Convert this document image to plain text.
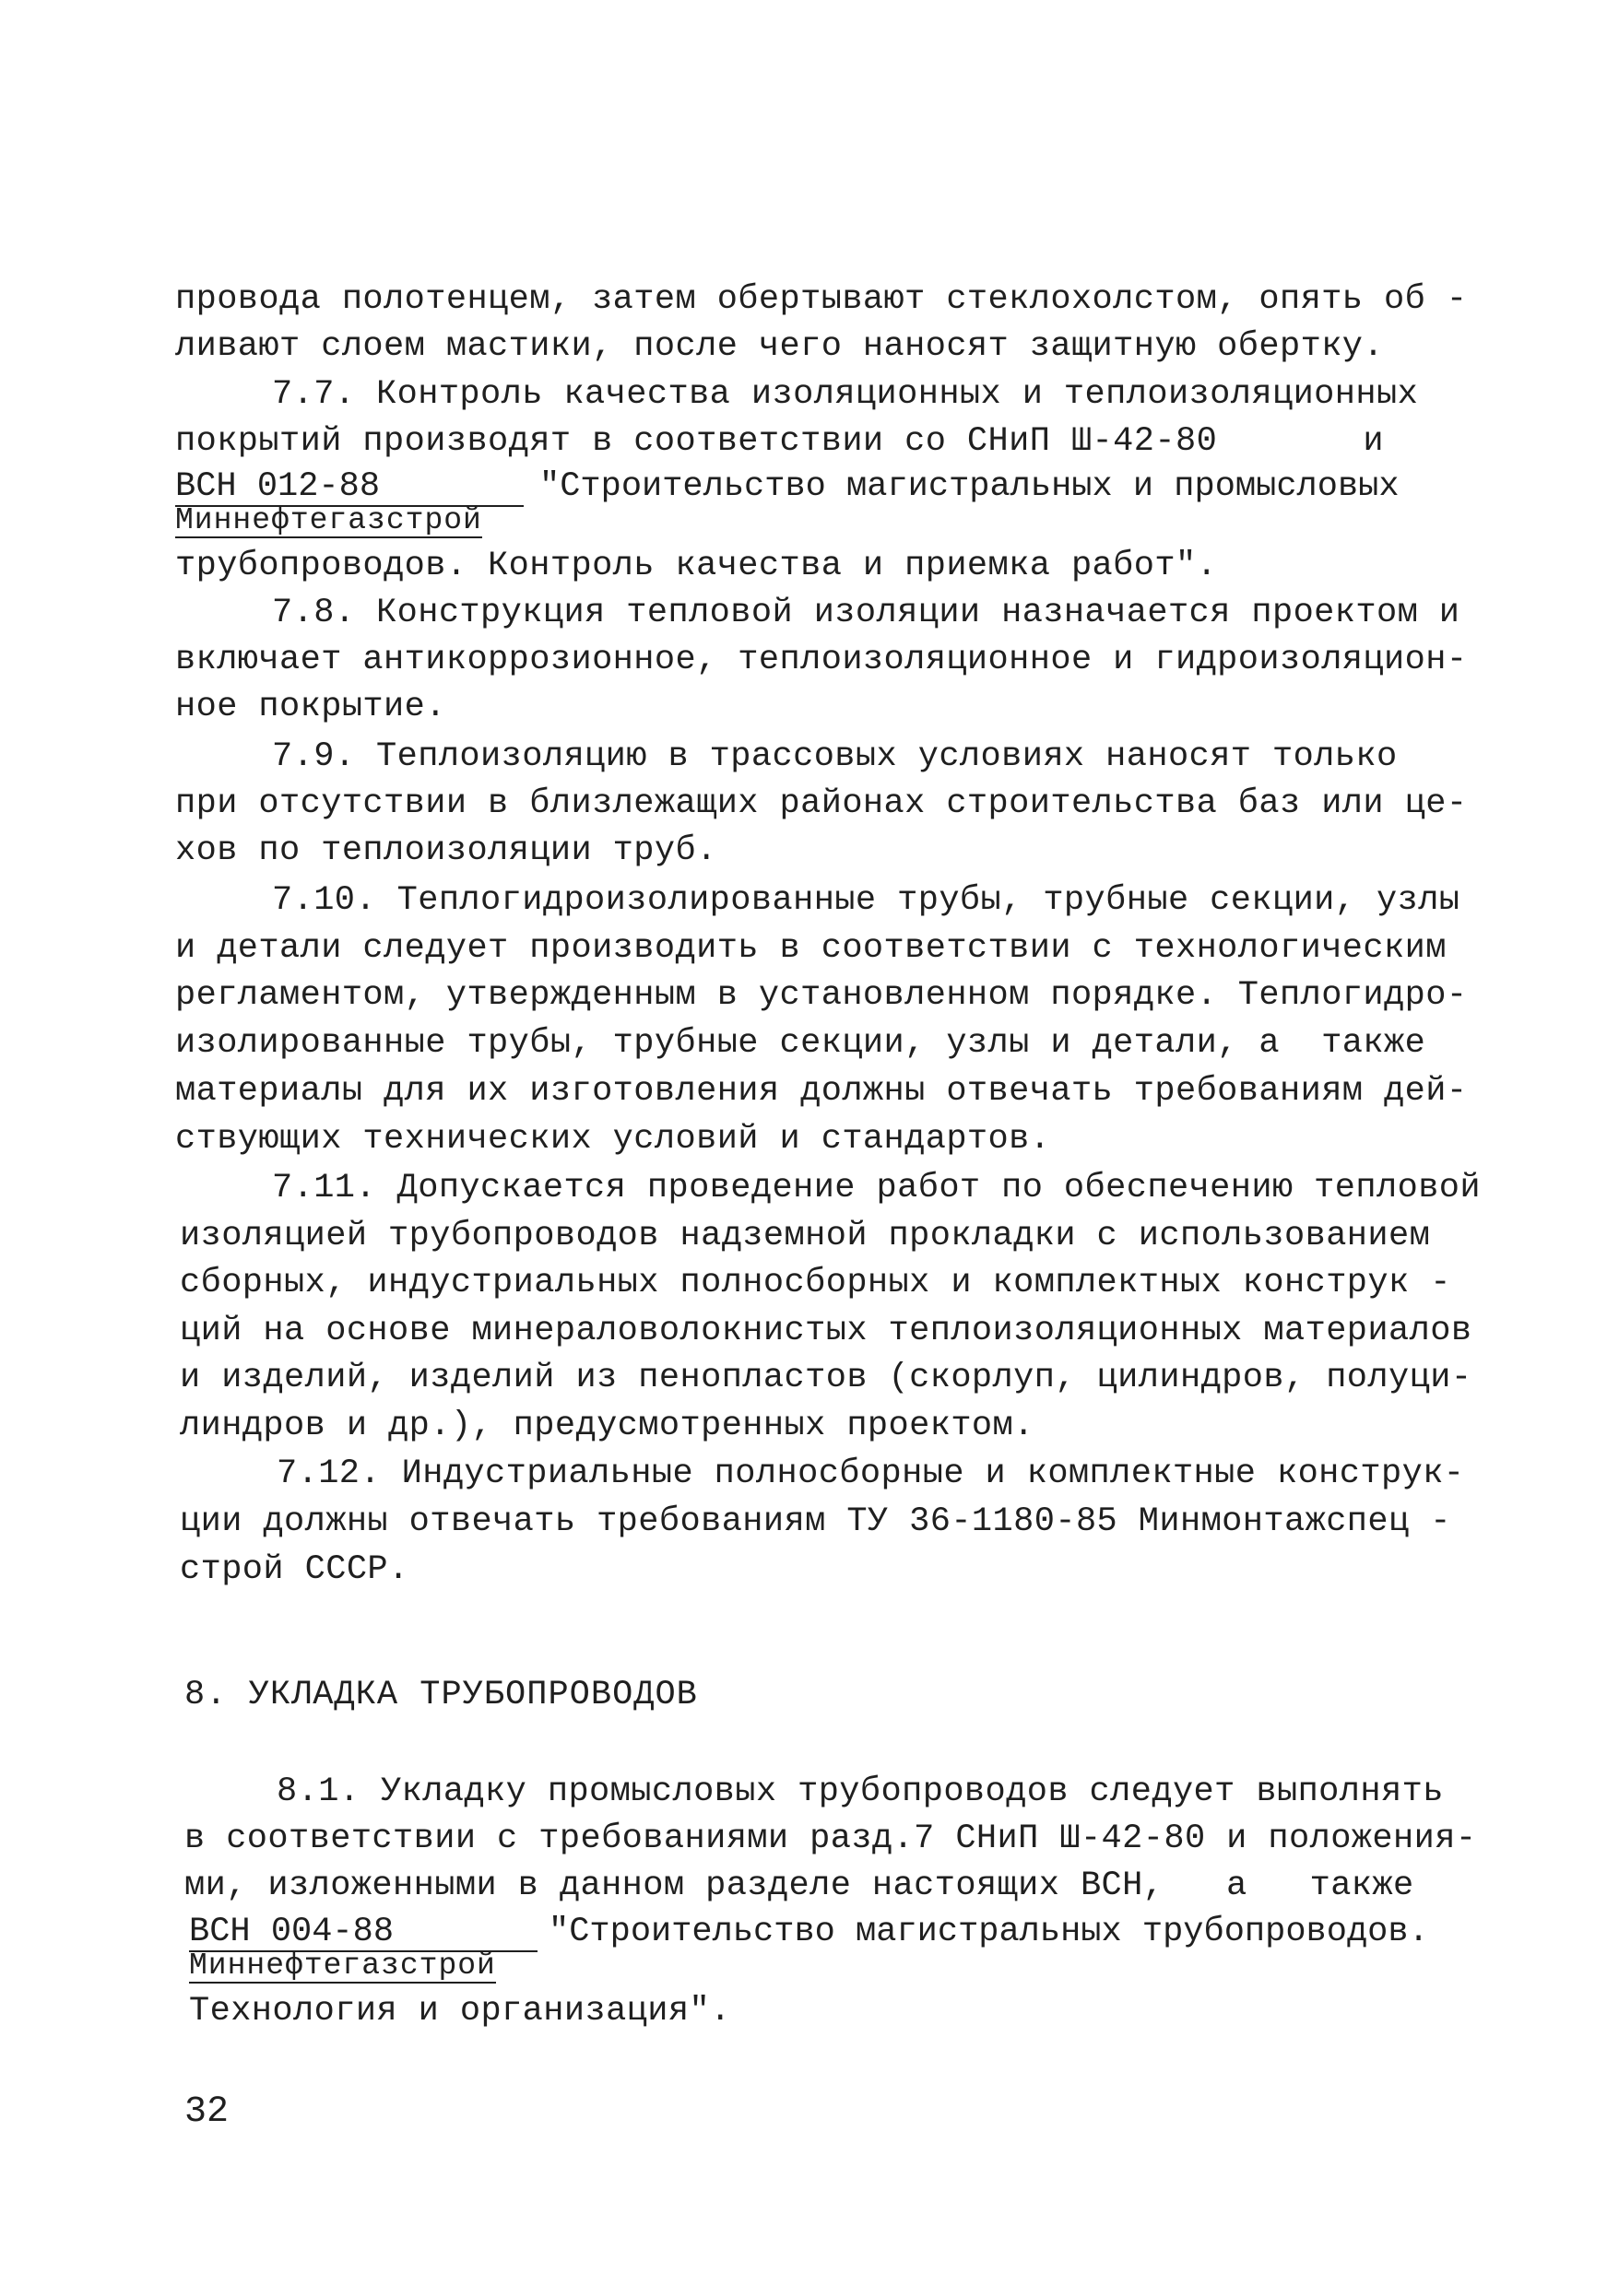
провода полотенцем, затем обертывают стеклохолстом, опять об -
ливают слоем мастики, после чего наносят защитную обертку.
7.7. Контроль качества изоляционных и теплоизоляционных
покрытий производят в соответствии со СНиП Ш-42-80       и
ВСН 012-88	"Строительство магистральных и промысловых
Миннефтегазстрой
трубопроводов. Контроль качества и приемка работ".
7.8. Конструкция тепловой изоляции назначается проектом и
включает антикоррозионное, теплоизоляционное и гидроизоляцион-
ное покрытие.
7.9. Теплоизоляцию в трассовых условиях наносят только
при отсутствии в близлежащих районах строительства баз или це-
хов по теплоизоляции труб.
7.10. Теплогидроизолированные трубы, трубные секции, узлы
и детали следует производить в соответствии с технологическим
регламентом, утвержденным в установленном порядке. Теплогидро-
изолированные трубы, трубные секции, узлы и детали, а  также
материалы для их изготовления должны отвечать требованиям дей-
ствующих технических условий и стандартов.
7.11. Допускается проведение работ по обеспечению тепловой
изоляцией трубопроводов надземной прокладки с использованием
сборных, индустриальных полносборных и комплектных конструк -
ций на основе минераловолокнистых теплоизоляционных материалов
и изделий, изделий из пенопластов (скорлуп, цилиндров, полуци-
линдров и др.), предусмотренных проектом.
7.12. Индустриальные полносборные и комплектные конструк-
ции должны отвечать требованиям ТУ 36-1180-85 Минмонтажспец -
строй СССР.
8. УКЛАДКА ТРУБОПРОВОДОВ
8.1. Укладку промысловых трубопроводов следует выполнять
в соответствии с требованиями разд.7 СНиП Ш-42-80 и положения-
ми, изложенными в данном разделе настоящих ВСН,   а   также
ВСН 004-88	"Строительство магистральных трубопроводов.
Миннефтегазстрой
Технология и организация".
32
